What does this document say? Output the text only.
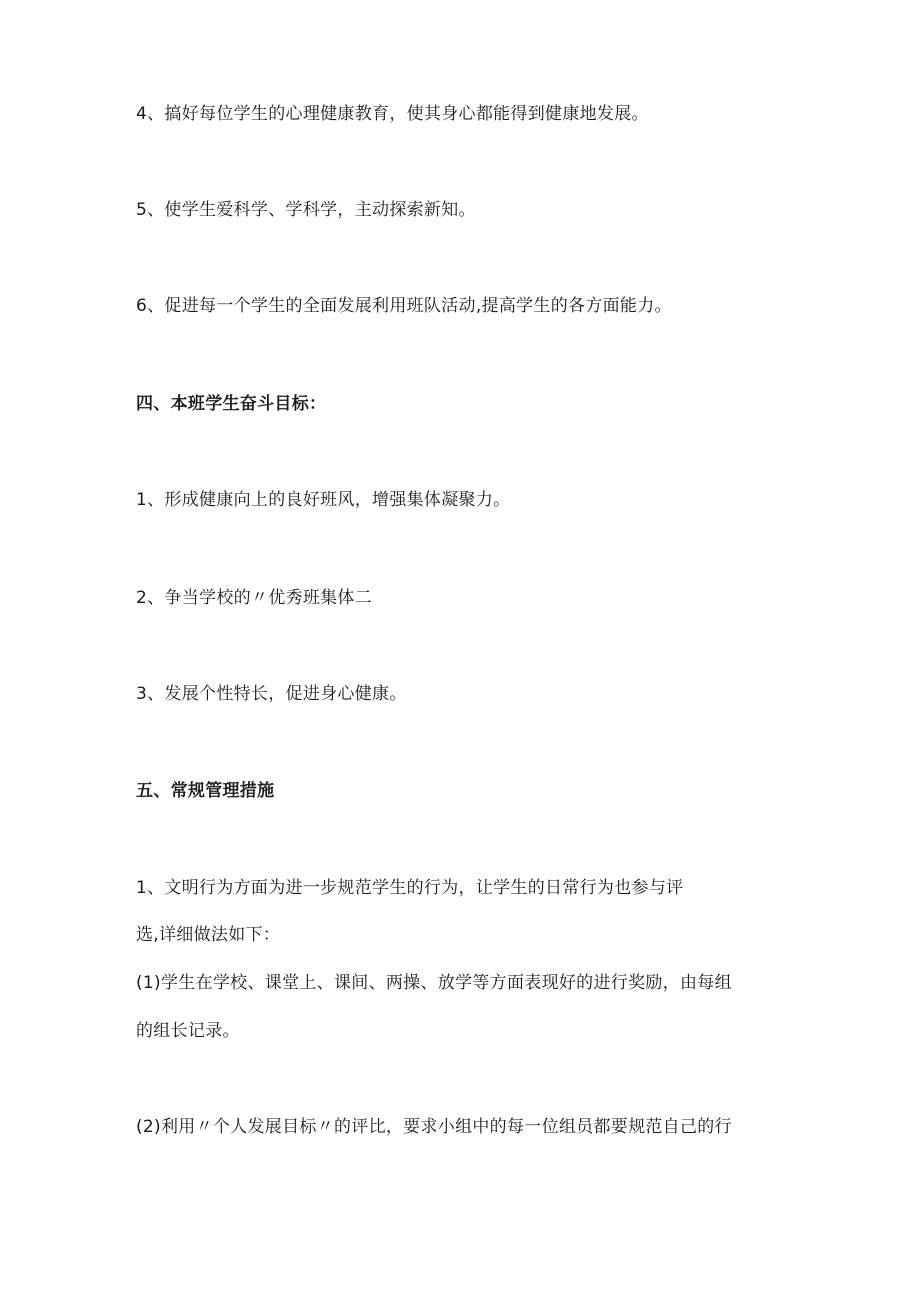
4、搞好每位学生的心理健康教育，使其身心都能得到健康地发展。
5、使学生爱科学、学科学，主动探索新知。
6、促进每一个学生的全面发展利用班队活动,提高学生的各方面能力。
四、本班学生奋斗目标：
1、形成健康向上的良好班风，增强集体凝聚力。
2、争当学校的〃优秀班集体二
3、发展个性特长，促进身心健康。
五、常规管理措施
1、文明行为方面为进一步规范学生的行为，让学生的日常行为也参与评
选,详细做法如下：
(1)学生在学校、课堂上、课间、两操、放学等方面表现好的进行奖励，由每组
的组长记录。
(2)利用〃个人发展目标〃的评比，要求小组中的每一位组员都要规范自己的行
